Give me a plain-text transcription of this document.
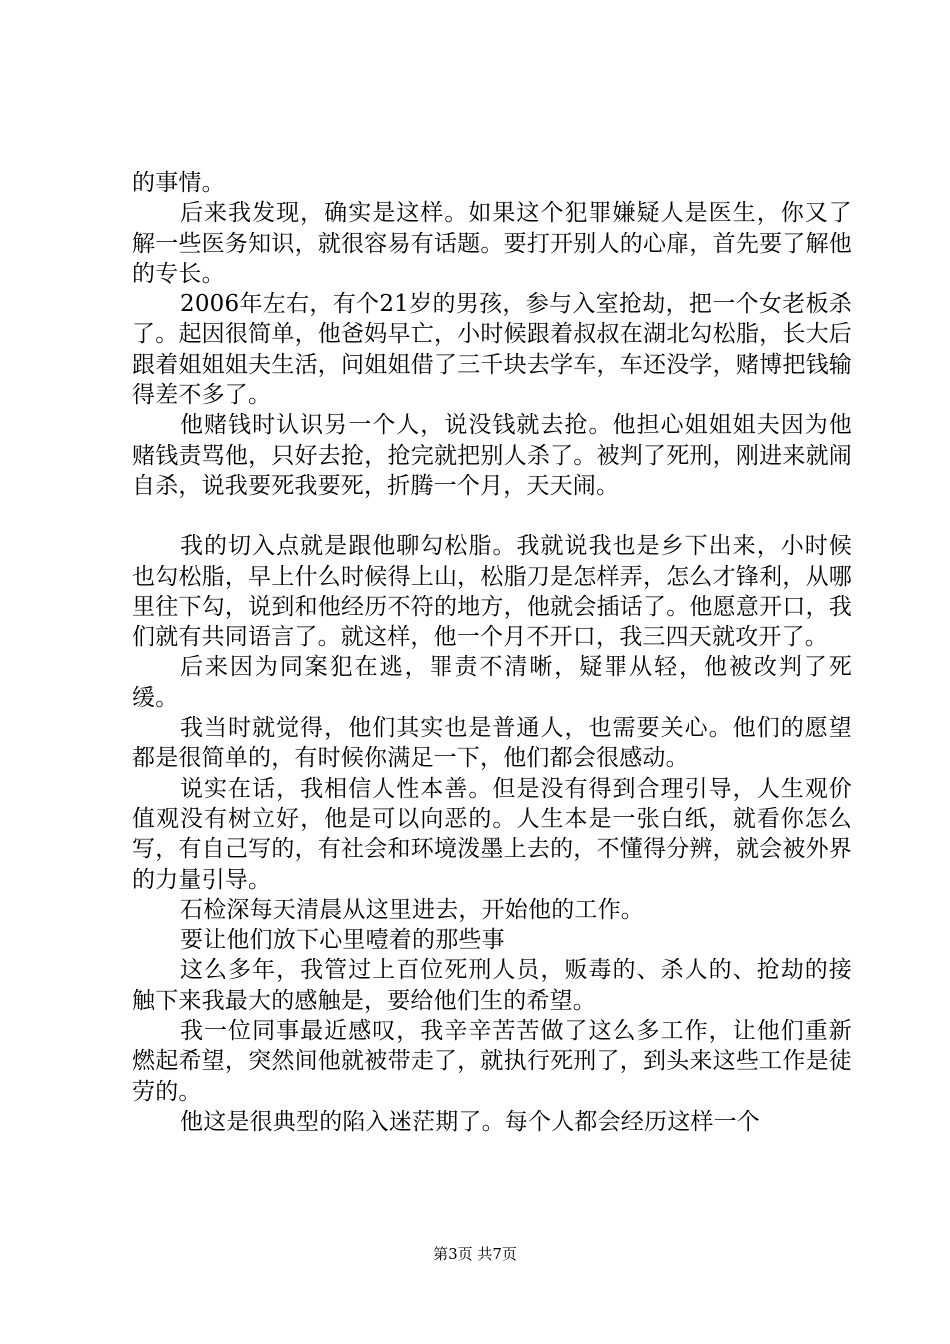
的事情。

后来我发现，确实是这样。如果这个犯罪嫌疑人是医生，你又了解一些医务知识，就很容易有话题。要打开别人的心扉，首先要了解他的专长。

2006年左右，有个21岁的男孩，参与入室抢劫，把一个女老板杀了。起因很简单，他爸妈早亡，小时候跟着叔叔在湖北勾松脂，长大后跟着姐姐姐夫生活，问姐姐借了三千块去学车，车还没学，赌博把钱输得差不多了。

他赌钱时认识另一个人，说没钱就去抢。他担心姐姐姐夫因为他赌钱责骂他，只好去抢，抢完就把别人杀了。被判了死刑，刚进来就闹自杀，说我要死我要死，折腾一个月，天天闹。

我的切入点就是跟他聊勾松脂。我就说我也是乡下出来，小时候也勾松脂，早上什么时候得上山，松脂刀是怎样弄，怎么才锋利，从哪里往下勾，说到和他经历不符的地方，他就会插话了。他愿意开口，我们就有共同语言了。就这样，他一个月不开口，我三四天就攻开了。

后来因为同案犯在逃，罪责不清晰，疑罪从轻，他被改判了死缓。

我当时就觉得，他们其实也是普通人，也需要关心。他们的愿望都是很简单的，有时候你满足一下，他们都会很感动。

说实在话，我相信人性本善。但是没有得到合理引导，人生观价值观没有树立好，他是可以向恶的。人生本是一张白纸，就看你怎么写，有自己写的，有社会和环境泼墨上去的，不懂得分辨，就会被外界的力量引导。

石检深每天清晨从这里进去，开始他的工作。

要让他们放下心里噎着的那些事

这么多年，我管过上百位死刑人员，贩毒的、杀人的、抢劫的接触下来我最大的感触是，要给他们生的希望。

我一位同事最近感叹，我辛辛苦苦做了这么多工作，让他们重新燃起希望，突然间他就被带走了，就执行死刑了，到头来这些工作是徒劳的。

他这是很典型的陷入迷茫期了。每个人都会经历这样一个

第3页 共7页
